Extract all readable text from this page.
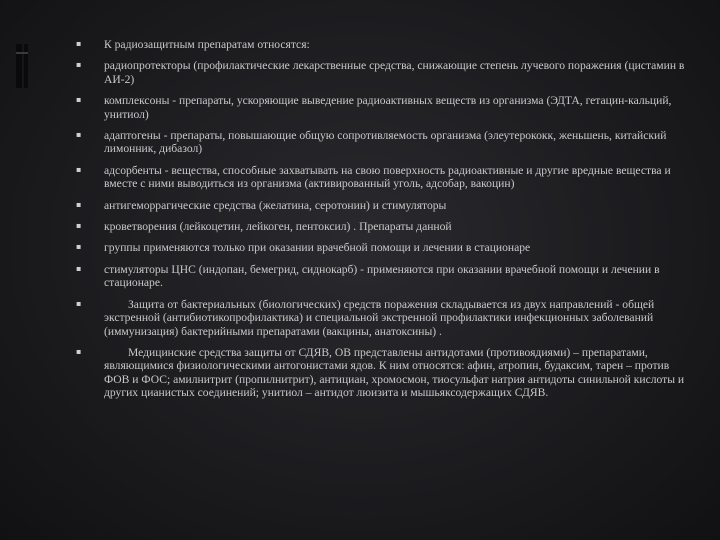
▪	К радиозащитным препаратам относятся:
▪	радиопротекторы (профилактические лекарственные средства, снижающие степень лучевого поражения (цистамин в АИ-2)
▪	комплексоны - препараты, ускоряющие выведение радиоактивных веществ из организма (ЭДТА, гетацин-кальций, унитиол)
▪	адаптогены - препараты, повышающие общую сопротивляемость организма (элеутерококк, женьшень, китайский лимонник, дибазол)
▪	адсорбенты - вещества, способные захватывать на свою поверхность радиоактивные и другие вредные вещества и вместе с ними выводиться из организма (активированный уголь, адсобар, вакоцин)
▪	антигеморрагические средства (желатина, серотонин) и стимуляторы
▪	кроветворения (лейкоцетин, лейкоген, пентоксил) . Препараты данной
▪	группы применяются только при оказании врачебной помощи и лечении в стационаре
▪	стимуляторы ЦНС (индопан, бемегрид, сиднокарб) - применяются при оказании врачебной помощи и лечении в стационаре.
▪	Защита от бактериальных (биологических) средств поражения складывается из двух направлений - общей экстренной (антибиотикопрофилактика) и специальной экстренной профилактики инфекционных заболеваний (иммунизация) бактерийными препаратами (вакцины, анатоксины) .
▪	Медицинские средства защиты от СДЯВ, ОВ представлены антидотами (противоядиями) – препаратами, являющимися физиологическими антогонистами ядов. К ним относятся: афин, атропин, будаксим, тарен – против ФОВ и ФОС; амилнитрит (пропилнитрит), антициан, хромосмон, тиосульфат натрия антидоты синильной кислоты и других цианистых соединений; унитиол – антидот люизита и мышьяксодержащих СДЯВ.
